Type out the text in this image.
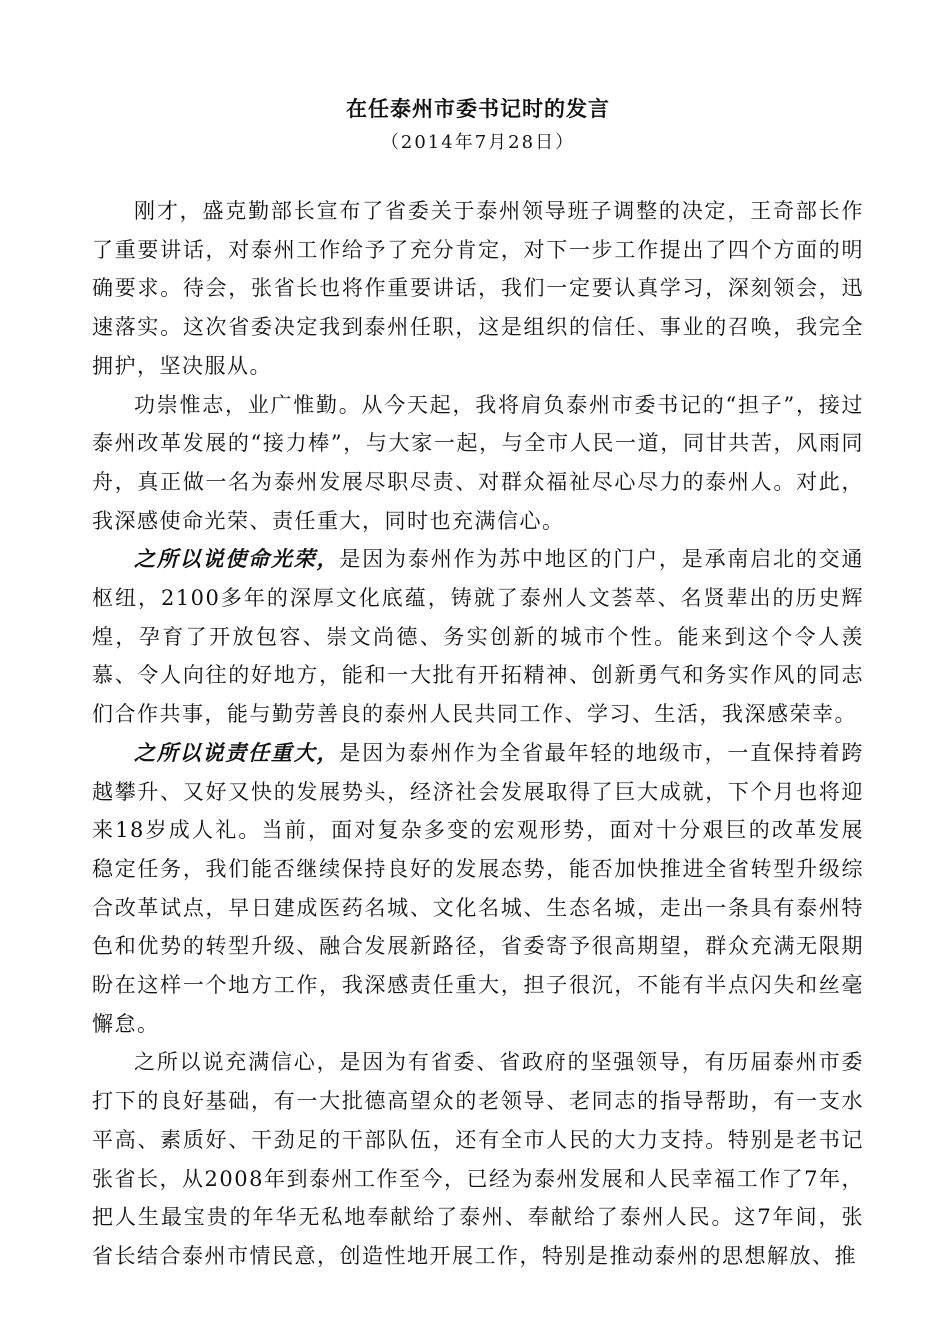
在任泰州市委书记时的发言
（2014年7月28日）

刚才，盛克勤部长宣布了省委关于泰州领导班子调整的决定，王奇部长作了重要讲话，对泰州工作给予了充分肯定，对下一步工作提出了四个方面的明确要求。待会，张省长也将作重要讲话，我们一定要认真学习，深刻领会，迅速落实。这次省委决定我到泰州任职，这是组织的信任、事业的召唤，我完全拥护，坚决服从。

功崇惟志，业广惟勤。从今天起，我将肩负泰州市委书记的“担子”，接过泰州改革发展的“接力棒”，与大家一起，与全市人民一道，同甘共苦，风雨同舟，真正做一名为泰州发展尽职尽责、对群众福祉尽心尽力的泰州人。对此，我深感使命光荣、责任重大，同时也充满信心。

之所以说使命光荣，是因为泰州作为苏中地区的门户，是承南启北的交通枢纽，2100多年的深厚文化底蕴，铸就了泰州人文荟萃、名贤辈出的历史辉煌，孕育了开放包容、崇文尚德、务实创新的城市个性。能来到这个令人羡慕、令人向往的好地方，能和一大批有开拓精神、创新勇气和务实作风的同志们合作共事，能与勤劳善良的泰州人民共同工作、学习、生活，我深感荣幸。

之所以说责任重大，是因为泰州作为全省最年轻的地级市，一直保持着跨越攀升、又好又快的发展势头，经济社会发展取得了巨大成就，下个月也将迎来18岁成人礼。当前，面对复杂多变的宏观形势，面对十分艰巨的改革发展稳定任务，我们能否继续保持良好的发展态势，能否加快推进全省转型升级综合改革试点，早日建成医药名城、文化名城、生态名城，走出一条具有泰州特色和优势的转型升级、融合发展新路径，省委寄予很高期望，群众充满无限期盼在这样一个地方工作，我深感责任重大，担子很沉，不能有半点闪失和丝毫懈怠。

之所以说充满信心，是因为有省委、省政府的坚强领导，有历届泰州市委打下的良好基础，有一大批德高望众的老领导、老同志的指导帮助，有一支水平高、素质好、干劲足的干部队伍，还有全市人民的大力支持。特别是老书记张省长，从2008年到泰州工作至今，已经为泰州发展和人民幸福工作了7年，把人生最宝贵的年华无私地奉献给了泰州、奉献给了泰州人民。这7年间，张省长结合泰州市情民意，创造性地开展工作，特别是推动泰州的思想解放、推
